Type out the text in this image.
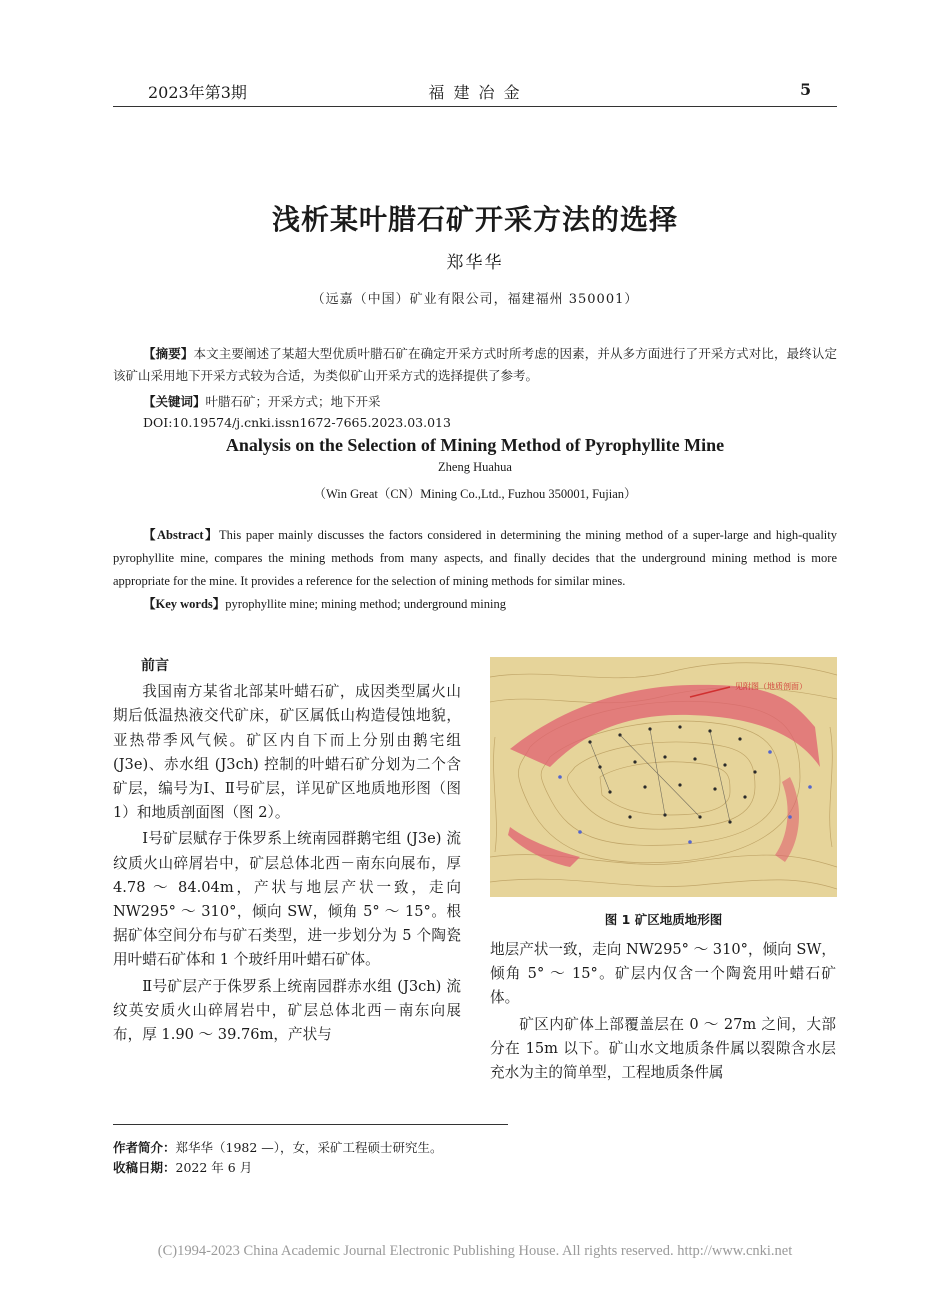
2023年第3期	福 建 冶 金	5
浅析某叶腊石矿开采方法的选择
郑华华
（远嘉（中国）矿业有限公司，福建福州 350001）
【摘要】本文主要阐述了某超大型优质叶腊石矿在确定开采方式时所考虑的因素，并从多方面进行了开采方式对比，最终认定该矿山采用地下开采方式较为合适，为类似矿山开采方式的选择提供了参考。
【关键词】叶腊石矿；开采方式；地下开采
DOI:10.19574/j.cnki.issn1672-7665.2023.03.013
Analysis on the Selection of Mining Method of Pyrophyllite Mine
Zheng Huahua
（Win Great（CN）Mining Co.,Ltd., Fuzhou 350001, Fujian）
【Abstract】This paper mainly discusses the factors considered in determining the mining method of a super-large and high-quality pyrophyllite mine, compares the mining methods from many aspects, and finally decides that the underground mining method is more appropriate for the mine. It provides a reference for the selection of mining methods for similar mines.
【Key words】pyrophyllite mine; mining method; underground mining
前言

我国南方某省北部某叶蜡石矿，成因类型属火山期后低温热液交代矿床，矿区属低山构造侵蚀地貌，亚热带季风气候。矿区内自下而上分别由鹅宅组 (J3e)、赤水组 (J3ch) 控制的叶蜡石矿分划为二个含矿层，编号为Ⅰ、Ⅱ号矿层，详见矿区地质地形图（图 1）和地质剖面图（图 2）。

Ⅰ号矿层赋存于侏罗系上统南园群鹅宅组 (J3e) 流纹质火山碎屑岩中，矿层总体北西－南东向展布，厚 4.78 ～ 84.04m，产状与地层产状一致，走向 NW295° ～ 310°，倾向 SW，倾角 5° ～ 15°。根据矿体空间分布与矿石类型，进一步划分为 5 个陶瓷用叶蜡石矿体和 1 个玻纤用叶蜡石矿体。

Ⅱ号矿层产于侏罗系上统南园群赤水组 (J3ch) 流纹英安质火山碎屑岩中，矿层总体北西－南东向展布，厚 1.90 ～ 39.76m，产状与

见附图（地质剖面）
图 1 矿区地质地形图

地层产状一致，走向 NW295° ～ 310°，倾向 SW，倾角 5° ～ 15°。矿层内仅含一个陶瓷用叶蜡石矿体。

矿区内矿体上部覆盖层在 0 ～ 27m 之间，大部分在 15m 以下。矿山水文地质条件属以裂隙含水层充水为主的简单型，工程地质条件属

作者简介：郑华华（1982 —），女，采矿工程硕士研究生。
收稿日期：2022 年 6 月
(C)1994-2023 China Academic Journal Electronic Publishing House. All rights reserved. http://www.cnki.net
